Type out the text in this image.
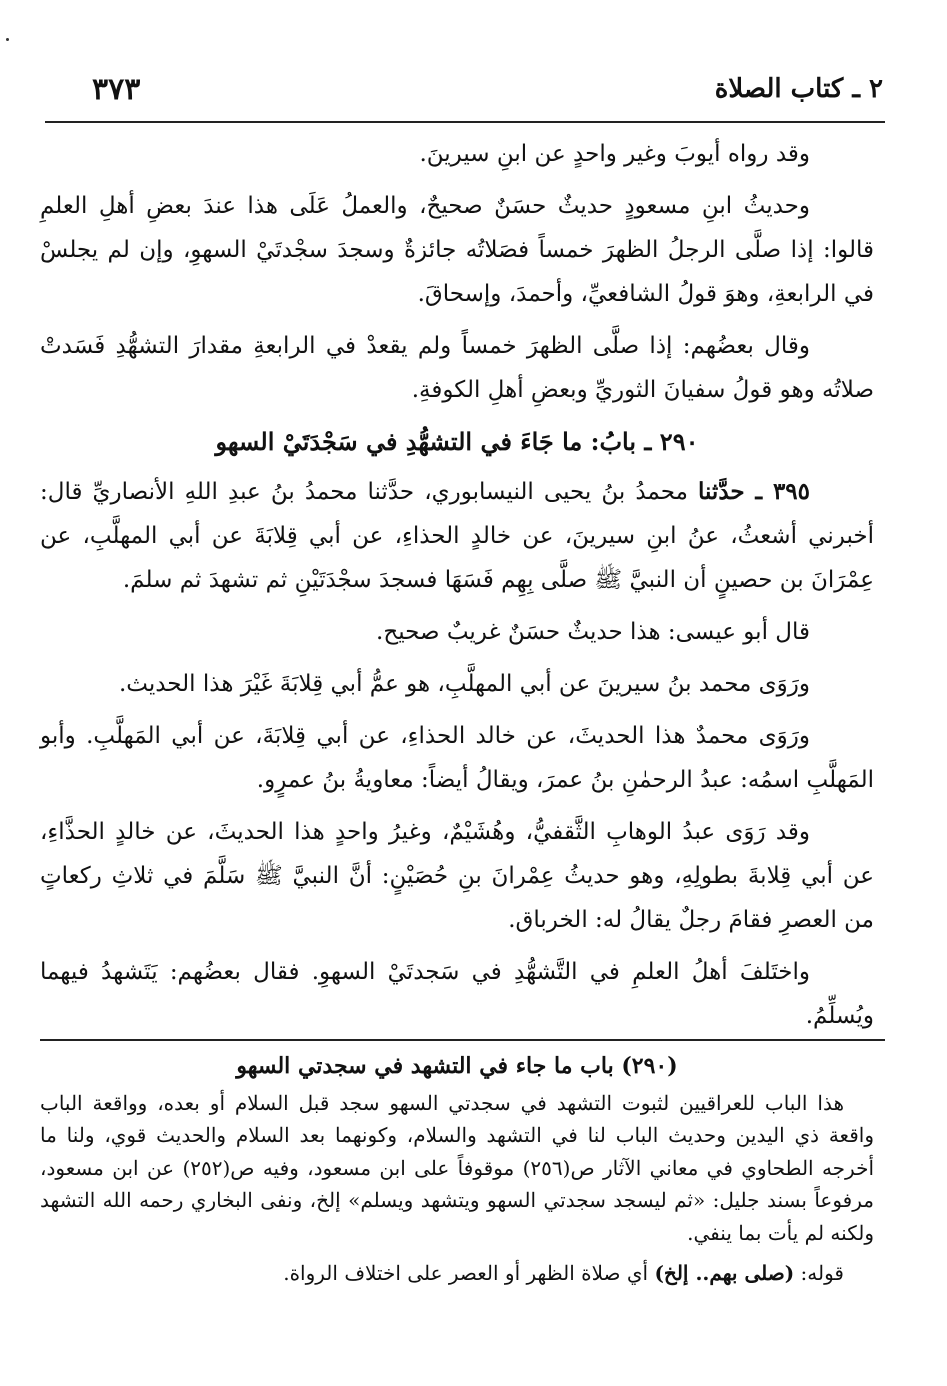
٢ ـ كتاب الصلاة
٣٧٣

وقد رواه أيوبَ وغير واحدٍ عن ابنِ سيرينَ.

وحديثُ ابنِ مسعودٍ حديثٌ حسَنٌ صحيحٌ، والعملُ عَلَى هذا عندَ بعضِ أهلِ العلمِ قالوا: إذا صلَّى الرجلُ الظهرَ خمساً فصَلاتُه جائزةٌ وسجدَ سجْدتَيْ السهوِ، وإن لم يجلسْ في الرابعةِ، وهوَ قولُ الشافعيِّ، وأحمدَ، وإسحاقَ.

وقال بعضُهم: إذا صلَّى الظهرَ خمساً ولم يقعدْ في الرابعةِ مقدارَ التشهُّدِ فَسَدتْ صلاتُه وهو قولُ سفيانَ الثوريِّ وبعضِ أهلِ الكوفةِ.

٢٩٠ ـ بابُ: ما جَاءَ في التشهُّدِ في سَجْدَتَيْ السهو

٣٩٥ ـ حدَّثنا محمدُ بنُ يحيى النيسابوري، حدَّثنا محمدُ بنُ عبدِ اللهِ الأنصاريِّ قال: أخبرني أشعثُ، عنُ ابنِ سيرينَ، عن خالدٍ الحذاءِ، عن أبي قِلابَةَ عن أبي المهلَّبِ، عن عِمْرَانَ بن حصينٍ أن النبيَّ ﷺ صلَّى بِهِم فَسَهَا فسجدَ سجْدَتَيْنِ ثم تشهدَ ثم سلمَ.

قال أبو عيسى: هذا حديثٌ حسَنٌ غريبٌ صحيح.

ورَوَى محمد بنُ سيرينَ عن أبي المهلَّبِ، هو عمُّ أبي قِلابَةَ غَيْرَ هذا الحديث.

ورَوَى محمدٌ هذا الحديثَ، عن خالد الحذاءِ، عن أبي قِلابَةَ، عن أبي المَهلَّبِ. وأبو المَهلَّبِ اسمُه: عبدُ الرحمٰنِ بنُ عمرَ، ويقالُ أيضاً: معاويةُ بنُ عمرٍو.

وقد رَوَى عبدُ الوهابِ الثَّقفيُّ، وهُشَيْمٌ، وغيرُ واحدٍ هذا الحديثَ، عن خالدٍ الحذَّاءِ، عن أبي قِلابةَ بطولِهِ، وهو حديثُ عِمْرانَ بنِ حُصَيْنٍ: أنَّ النبيَّ ﷺ سَلَّمَ في ثلاثِ ركعاتٍ من العصرِ فقامَ رجلٌ يقالُ له: الخرباق.

واختَلفَ أهلُ العلمِ في التَّشهُّدِ في سَجدتَيْ السهوِ. فقال بعضُهم: يَتَشهدُ فيهما ويُسلِّمُ.

(٢٩٠) باب ما جاء في التشهد في سجدتي السهو

هذا الباب للعراقيين لثبوت التشهد في سجدتي السهو سجد قبل السلام أو بعده، وواقعة الباب واقعة ذي اليدين وحديث الباب لنا في التشهد والسلام، وكونهما بعد السلام والحديث قوي، ولنا ما أخرجه الطحاوي في معاني الآثار ص(٢٥٦) موقوفاً على ابن مسعود، وفيه ص(٢٥٢) عن ابن مسعود، مرفوعاً بسند جليل: «ثم ليسجد سجدتي السهو ويتشهد ويسلم» إلخ، ونفى البخاري رحمه الله التشهد ولكنه لم يأت بما ينفي.

قوله: (صلى بهم.. إلخ) أي صلاة الظهر أو العصر على اختلاف الرواة.
